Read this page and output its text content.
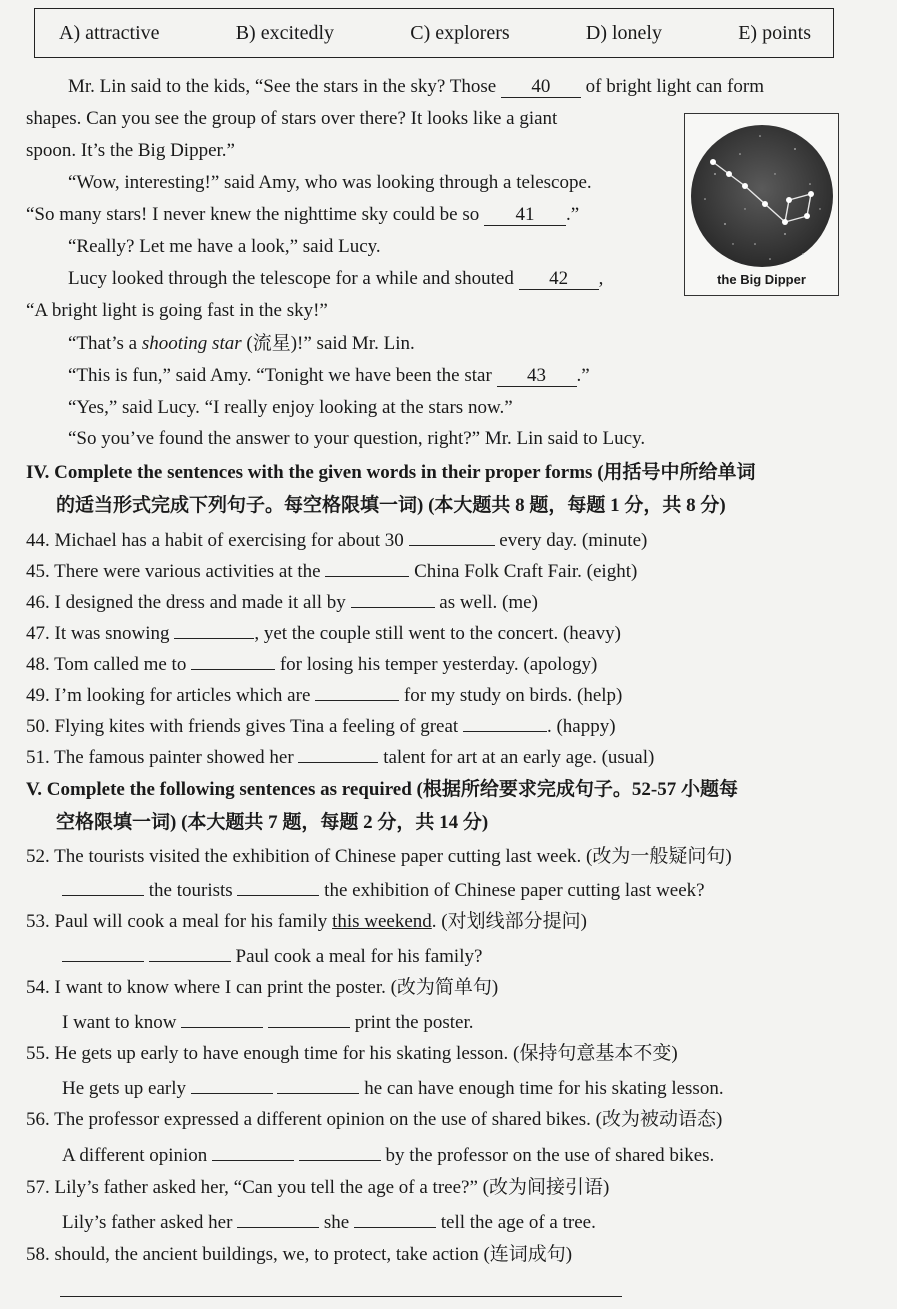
A) attractive	B) excitedly	C) explorers	D) lonely	E) points
Mr. Lin said to the kids, “See the stars in the sky? Those 40 of bright light can form
shapes. Can you see the group of stars over there? It looks like a giant
spoon. It’s the Big Dipper.”
“Wow, interesting!” said Amy, who was looking through a telescope.
“So many stars! I never knew the nighttime sky could be so 41 .”
“Really? Let me have a look,” said Lucy.
Lucy looked through the telescope for a while and shouted 42 ,
“A bright light is going fast in the sky!”
“That’s a shooting star (流星)!” said Mr. Lin.
“This is fun,” said Amy. “Tonight we have been the star 43 .”
“Yes,” said Lucy. “I really enjoy looking at the stars now.”
“So you’ve found the answer to your question, right?” Mr. Lin said to Lucy.
the Big Dipper
IV. Complete the sentences with the given words in their proper forms (用括号中所给单词
的适当形式完成下列句子。每空格限填一词) (本大题共 8 题，每题 1 分，共 8 分)
44. Michael has a habit of exercising for about 30	every day. (minute)
45. There were various activities at the	China Folk Craft Fair. (eight)
46. I designed the dress and made it all by	as well. (me)
47. It was snowing	, yet the couple still went to the concert. (heavy)
48. Tom called me to	for losing his temper yesterday. (apology)
49. I’m looking for articles which are	for my study on birds. (help)
50. Flying kites with friends gives Tina a feeling of great	. (happy)
51. The famous painter showed her	talent for art at an early age. (usual)
V. Complete the following sentences as required (根据所给要求完成句子。52-57 小题每
空格限填一词) (本大题共 7 题，每题 2 分，共 14 分)
52. The tourists visited the exhibition of Chinese paper cutting last week. (改为一般疑问句)
the tourists	the exhibition of Chinese paper cutting last week?
53. Paul will cook a meal for his family this weekend. (对划线部分提问)
Paul cook a meal for his family?
54. I want to know where I can print the poster. (改为简单句)
I want to know	print the poster.
55. He gets up early to have enough time for his skating lesson. (保持句意基本不变)
He gets up early	he can have enough time for his skating lesson.
56. The professor expressed a different opinion on the use of shared bikes. (改为被动语态)
A different opinion	by the professor on the use of shared bikes.
57. Lily’s father asked her, “Can you tell the age of a tree?” (改为间接引语)
Lily’s father asked her	she	tell the age of a tree.
58. should, the ancient buildings, we, to protect, take action (连词成句)
